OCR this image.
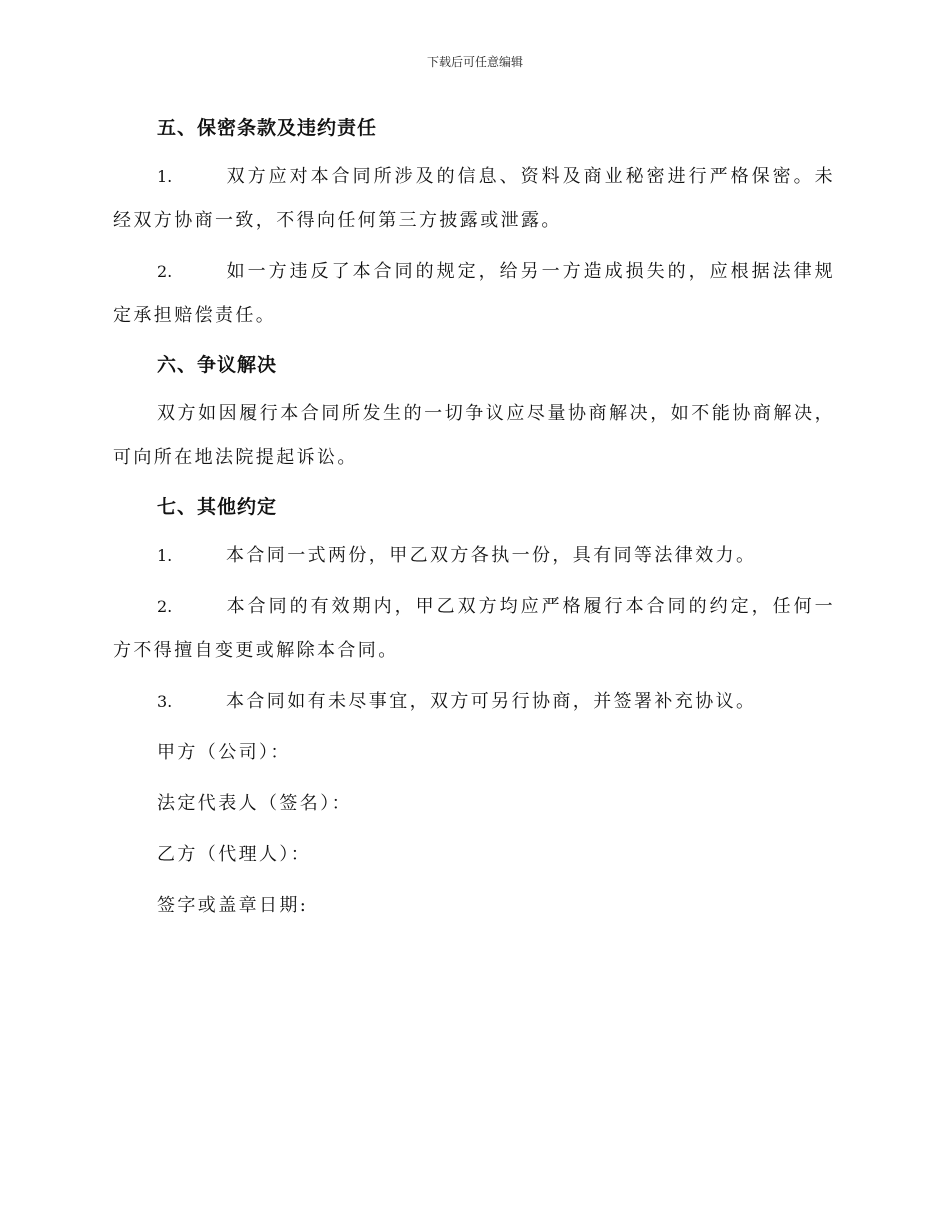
下载后可任意编辑
五、保密条款及违约责任

1.	双方应对本合同所涉及的信息、资料及商业秘密进行严格保密。未经双方协商一致，不得向任何第三方披露或泄露。

2.	如一方违反了本合同的规定，给另一方造成损失的，应根据法律规定承担赔偿责任。

六、争议解决

双方如因履行本合同所发生的一切争议应尽量协商解决，如不能协商解决，可向所在地法院提起诉讼。

七、其他约定

1.	本合同一式两份，甲乙双方各执一份，具有同等法律效力。

2.	本合同的有效期内，甲乙双方均应严格履行本合同的约定，任何一方不得擅自变更或解除本合同。

3.	本合同如有未尽事宜，双方可另行协商，并签署补充协议。

甲方（公司）：

法定代表人（签名）：

乙方（代理人）：

签字或盖章日期:
